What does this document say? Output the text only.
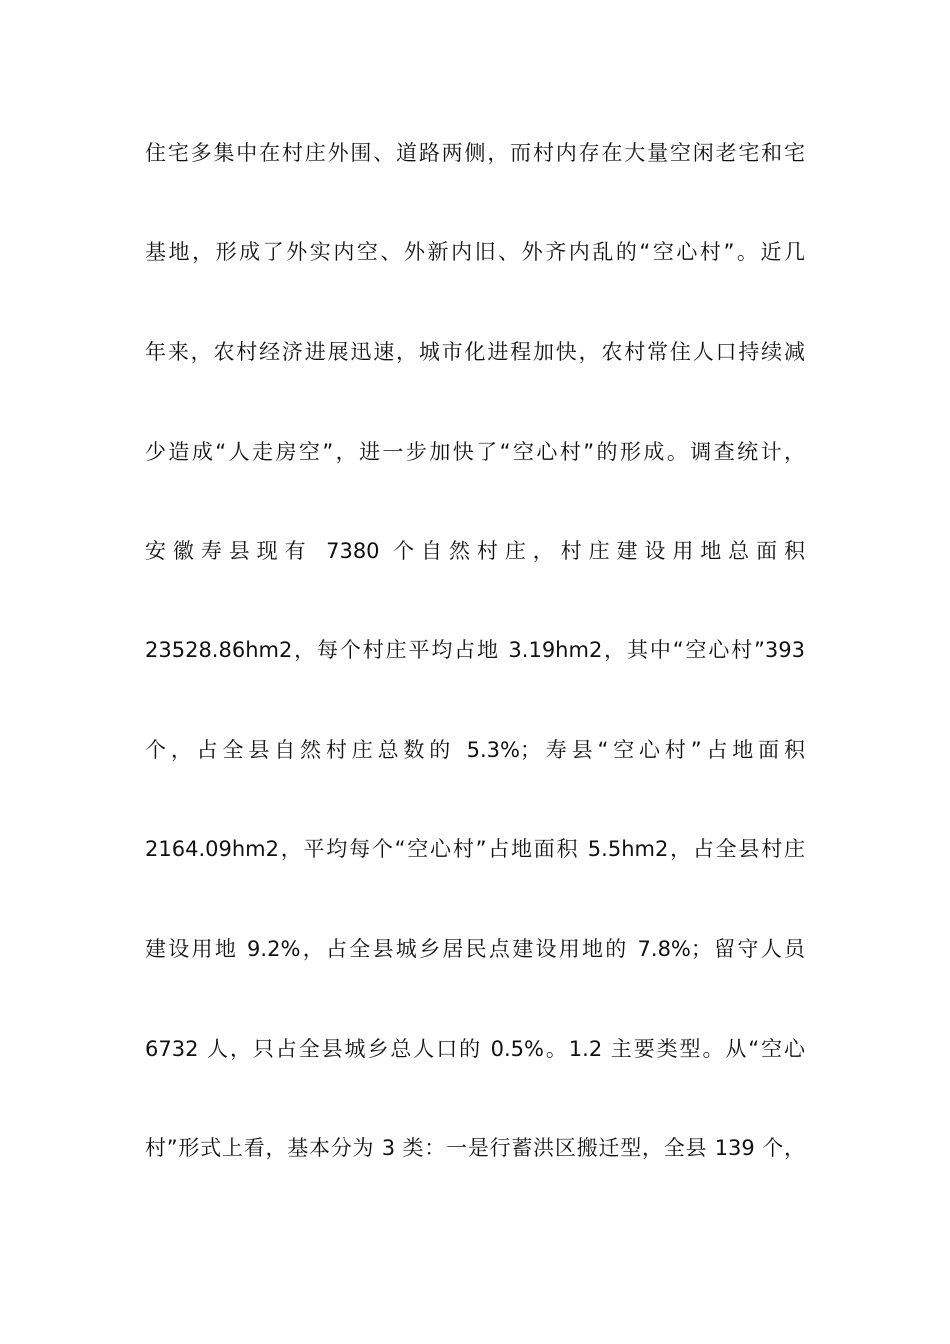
住宅多集中在村庄外围、道路两侧，而村内存在大量空闲老宅和宅
基地，形成了外实内空、外新内旧、外齐内乱的“空心村”。近几
年来，农村经济进展迅速，城市化进程加快，农村常住人口持续减
少造成“人走房空”，进一步加快了“空心村”的形成。调查统计，
安徽寿县现有 7380 个自然村庄，村庄建设用地总面积
23528.86hm2，每个村庄平均占地 3.19hm2，其中“空心村”393
个，占全县自然村庄总数的 5.3%；寿县“空心村”占地面积
2164.09hm2，平均每个“空心村”占地面积 5.5hm2，占全县村庄
建设用地 9.2%，占全县城乡居民点建设用地的 7.8%；留守人员
6732 人，只占全县城乡总人口的 0.5%。1.2 主要类型。从“空心
村”形式上看，基本分为 3 类：一是行蓄洪区搬迁型，全县 139 个，
